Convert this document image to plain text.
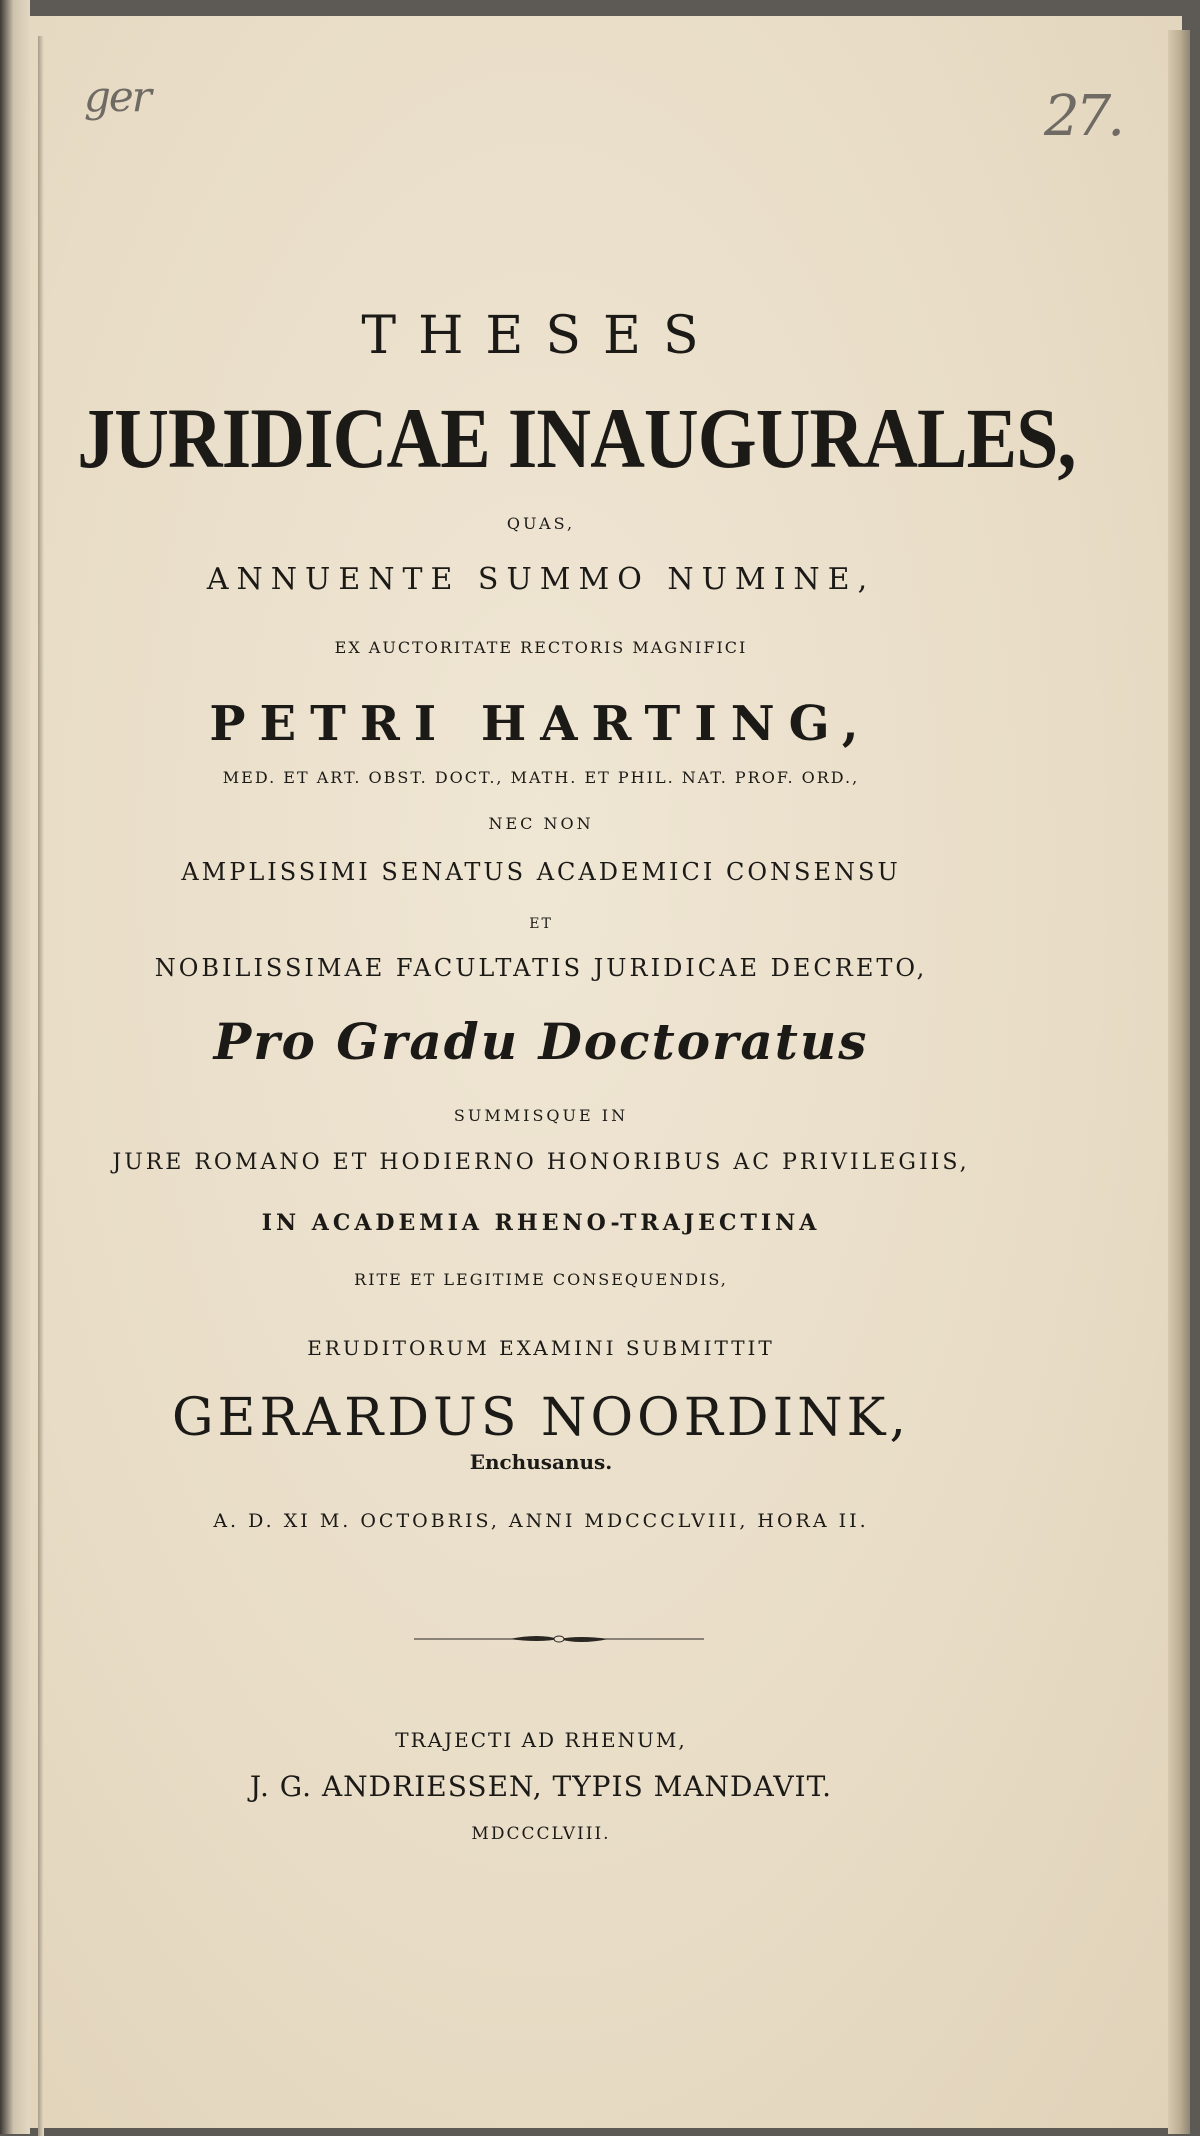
ger	27.
THESES
JURIDICAE INAUGURALES,
QUAS,
ANNUENTE SUMMO NUMINE,
EX AUCTORITATE RECTORIS MAGNIFICI
PETRI HARTING,
MED. ET ART. OBST. DOCT., MATH. ET PHIL. NAT. PROF. ORD.,
NEC NON
AMPLISSIMI SENATUS ACADEMICI CONSENSU
ET
NOBILISSIMAE FACULTATIS JURIDICAE DECRETO,
Pro Gradu Doctoratus
SUMMISQUE IN
JURE ROMANO ET HODIERNO HONORIBUS AC PRIVILEGIIS,
IN ACADEMIA RHENO-TRAJECTINA
RITE ET LEGITIME CONSEQUENDIS,
ERUDITORUM EXAMINI SUBMITTIT
GERARDUS NOORDINK,
Enchusanus.
A. D. XI M. OCTOBRIS, ANNI MDCCCLVIII, HORA II.
TRAJECTI AD RHENUM,
J. G. ANDRIESSEN, TYPIS MANDAVIT.
MDCCCLVIII.
